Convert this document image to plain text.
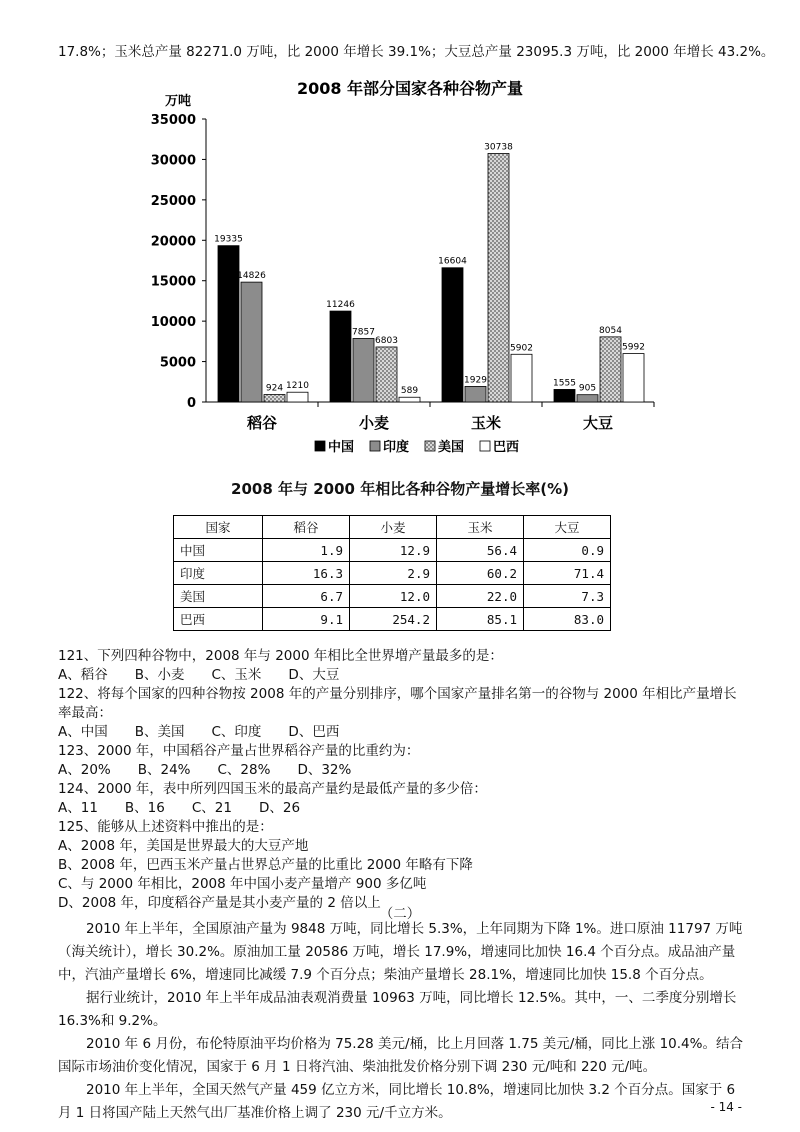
17.8%；玉米总产量 82271.0 万吨，比 2000 年增长 39.1%；大豆总产量 23095.3 万吨，比 2000 年增长 43.2%。
2008 年部分国家各种谷物产量
万吨
0
5000
10000
15000
20000
25000
30000
35000
19335
14826
924 1210
稻谷
11246
7857
6803
589
小麦
16604
1929
30738
5902
玉米
1555
905
8054
5992
大豆
中国 印度 美国 巴西
2008 年与 2000 年相比各种谷物产量增长率(%)
国家	稻谷	小麦	玉米	大豆
中国	1.9	12.9	56.4	0.9
印度	16.3	2.9	60.2	71.4
美国	6.7	12.0	22.0	7.3
巴西	9.1	254.2	85.1	83.0
121、下列四种谷物中，2008 年与 2000 年相比全世界增产量最多的是：
A、稻谷　　B、小麦　　C、玉米　　D、大豆
122、将每个国家的四种谷物按 2008 年的产量分别排序，哪个国家产量排名第一的谷物与 2000 年相比产量增长
率最高：
A、中国　　B、美国　　C、印度　　D、巴西
123、2000 年，中国稻谷产量占世界稻谷产量的比重约为：
A、20%　　B、24%　　C、28%　　D、32%
124、2000 年，表中所列四国玉米的最高产量约是最低产量的多少倍：
A、11　　B、16　　C、21　　D、26
125、能够从上述资料中推出的是：
A、2008 年，美国是世界最大的大豆产地
B、2008 年，巴西玉米产量占世界总产量的比重比 2000 年略有下降
C、与 2000 年相比，2008 年中国小麦产量增产 900 多亿吨
D、2008 年，印度稻谷产量是其小麦产量的 2 倍以上
（二）

2010 年上半年，全国原油产量为 9848 万吨，同比增长 5.3%，上年同期为下降 1%。进口原油 11797 万吨（海关统计），增长 30.2%。原油加工量 20586 万吨，增长 17.9%，增速同比加快 16.4 个百分点。成品油产量中，汽油产量增长 6%，增速同比减缓 7.9 个百分点；柴油产量增长 28.1%，增速同比加快 15.8 个百分点。

据行业统计，2010 年上半年成品油表观消费量 10963 万吨，同比增长 12.5%。其中，一、二季度分别增长 16.3%和 9.2%。

2010 年 6 月份，布伦特原油平均价格为 75.28 美元/桶，比上月回落 1.75 美元/桶，同比上涨 10.4%。结合国际市场油价变化情况，国家于 6 月 1 日将汽油、柴油批发价格分别下调 230 元/吨和 220 元/吨。

2010 年上半年，全国天然气产量 459 亿立方米，同比增长 10.8%，增速同比加快 3.2 个百分点。国家于 6 月 1 日将国产陆上天然气出厂基准价格上调了 230 元/千立方米。	- 14 -
